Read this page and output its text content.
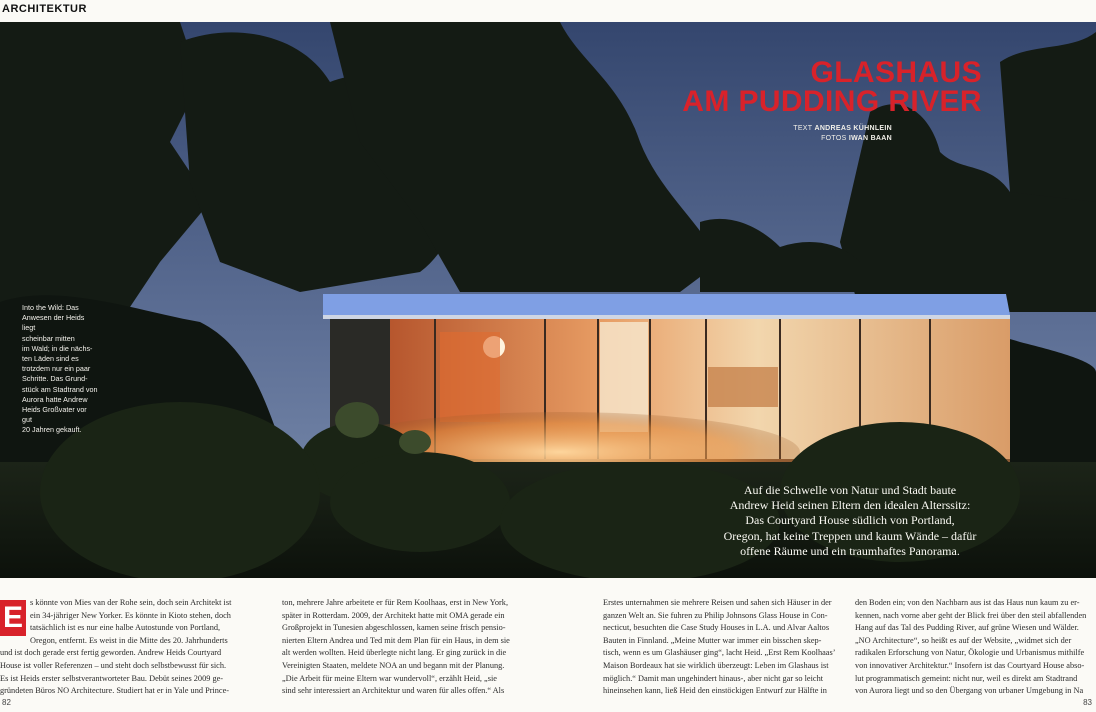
ARCHITEKTUR
GLASHAUS
AM PUDDING RIVER
TEXT ANDREAS KÜHNLEIN
FOTOS IWAN BAAN
Into the Wild: Das
Anwesen der Heids liegt
scheinbar mitten
im Wald; in die nächs-
ten Läden sind es
trotzdem nur ein paar
Schritte. Das Grund-
stück am Stadtrand von
Aurora hatte Andrew
Heids Großvater vor gut
20 Jahren gekauft.
Auf die Schwelle von Natur und Stadt baute
Andrew Heid seinen Eltern den idealen Alterssitz:
Das Courtyard House südlich von Portland,
Oregon, hat keine Treppen und kaum Wände – dafür
offene Räume und ein traumhaftes Panorama.
E s könnte von Mies van der Rohe sein, doch sein Architekt ist
ein 34-jähriger New Yorker. Es könnte in Kioto stehen, doch
tatsächlich ist es nur eine halbe Autostunde von Portland,
Oregon, entfernt. Es weist in die Mitte des 20. Jahrhunderts
und ist doch gerade erst fertig geworden. Andrew Heids Courtyard
House ist voller Referenzen – und steht doch selbstbewusst für sich.
Es ist Heids erster selbstverantworteter Bau. Debüt seines 2009 ge-
gründeten Büros NO Architecture. Studiert hat er in Yale und Prince-
ton, mehrere Jahre arbeitete er für Rem Koolhaas, erst in New York,
später in Rotterdam. 2009, der Architekt hatte mit OMA gerade ein
Großprojekt in Tunesien abgeschlossen, kamen seine frisch pensio-
nierten Eltern Andrea und Ted mit dem Plan für ein Haus, in dem sie
alt werden wollten. Heid überlegte nicht lang. Er ging zurück in die
Vereinigten Staaten, meldete NOA an und begann mit der Planung.
„Die Arbeit für meine Eltern war wundervoll“, erzählt Heid, „sie
sind sehr interessiert an Architektur und waren für alles offen.“ Als
Erstes unternahmen sie mehrere Reisen und sahen sich Häuser in der
ganzen Welt an. Sie fuhren zu Philip Johnsons Glass House in Con-
necticut, besuchten die Case Study Houses in L.A. und Alvar Aaltos
Bauten in Finnland. „Meine Mutter war immer ein bisschen skep-
tisch, wenn es um Glashäuser ging“, lacht Heid. „Erst Rem Koolhaas’
Maison Bordeaux hat sie wirklich überzeugt: Leben im Glashaus ist
möglich.“ Damit man ungehindert hinaus-, aber nicht gar so leicht
hineinsehen kann, ließ Heid den einstöckigen Entwurf zur Hälfte in
den Boden ein; von den Nachbarn aus ist das Haus nun kaum zu er-
kennen, nach vorne aber geht der Blick frei über den steil abfallenden
Hang auf das Tal des Pudding River, auf grüne Wiesen und Wälder.
„NO Architecture“, so heißt es auf der Website, „widmet sich der
radikalen Erforschung von Natur, Ökologie und Urbanismus mithilfe
von innovativer Architektur.“ Insofern ist das Courtyard House abso-
lut programmatisch gemeint: nicht nur, weil es direkt am Stadtrand
von Aurora liegt und so den Übergang von urbaner Umgebung in Na
82	83
